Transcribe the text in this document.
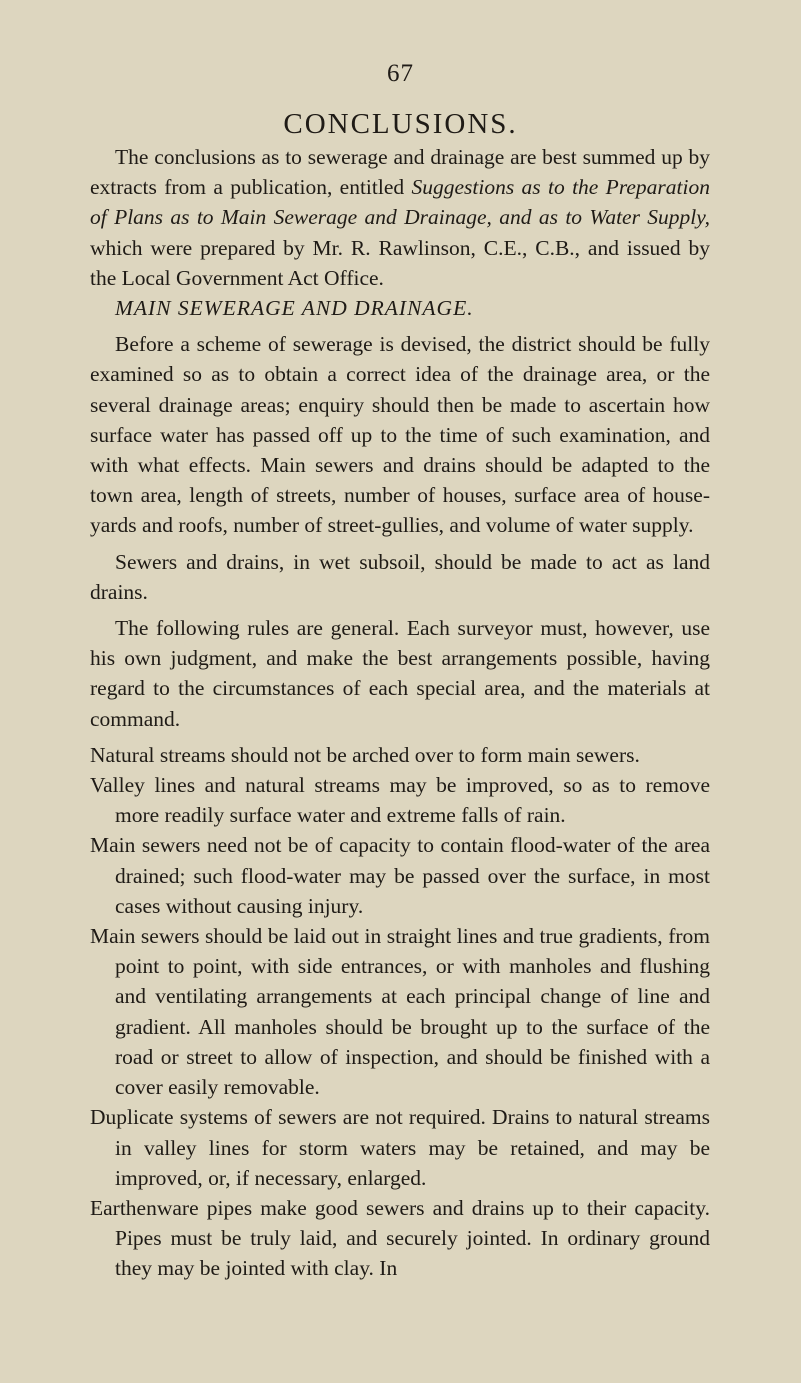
67
CONCLUSIONS.

The conclusions as to sewerage and drainage are best summed up by extracts from a publication, entitled Suggestions as to the Preparation of Plans as to Main Sewerage and Drainage, and as to Water Supply, which were prepared by Mr. R. Rawlinson, C.E., C.B., and issued by the Local Government Act Office.

MAIN SEWERAGE AND DRAINAGE.

Before a scheme of sewerage is devised, the district should be fully examined so as to obtain a correct idea of the drainage area, or the several drainage areas; enquiry should then be made to ascertain how surface water has passed off up to the time of such examination, and with what effects. Main sewers and drains should be adapted to the town area, length of streets, number of houses, surface area of house-yards and roofs, number of street-gullies, and volume of water supply.

Sewers and drains, in wet subsoil, should be made to act as land drains.

The following rules are general. Each surveyor must, however, use his own judgment, and make the best arrangements possible, having regard to the circumstances of each special area, and the materials at command.

Natural streams should not be arched over to form main sewers.

Valley lines and natural streams may be improved, so as to remove more readily surface water and extreme falls of rain.

Main sewers need not be of capacity to contain flood-water of the area drained; such flood-water may be passed over the surface, in most cases without causing injury.

Main sewers should be laid out in straight lines and true gradients, from point to point, with side entrances, or with manholes and flushing and ventilating arrangements at each principal change of line and gradient. All manholes should be brought up to the surface of the road or street to allow of inspection, and should be finished with a cover easily removable.

Duplicate systems of sewers are not required. Drains to natural streams in valley lines for storm waters may be retained, and may be improved, or, if necessary, enlarged.

Earthenware pipes make good sewers and drains up to their capacity. Pipes must be truly laid, and securely jointed. In ordinary ground they may be jointed with clay. In
